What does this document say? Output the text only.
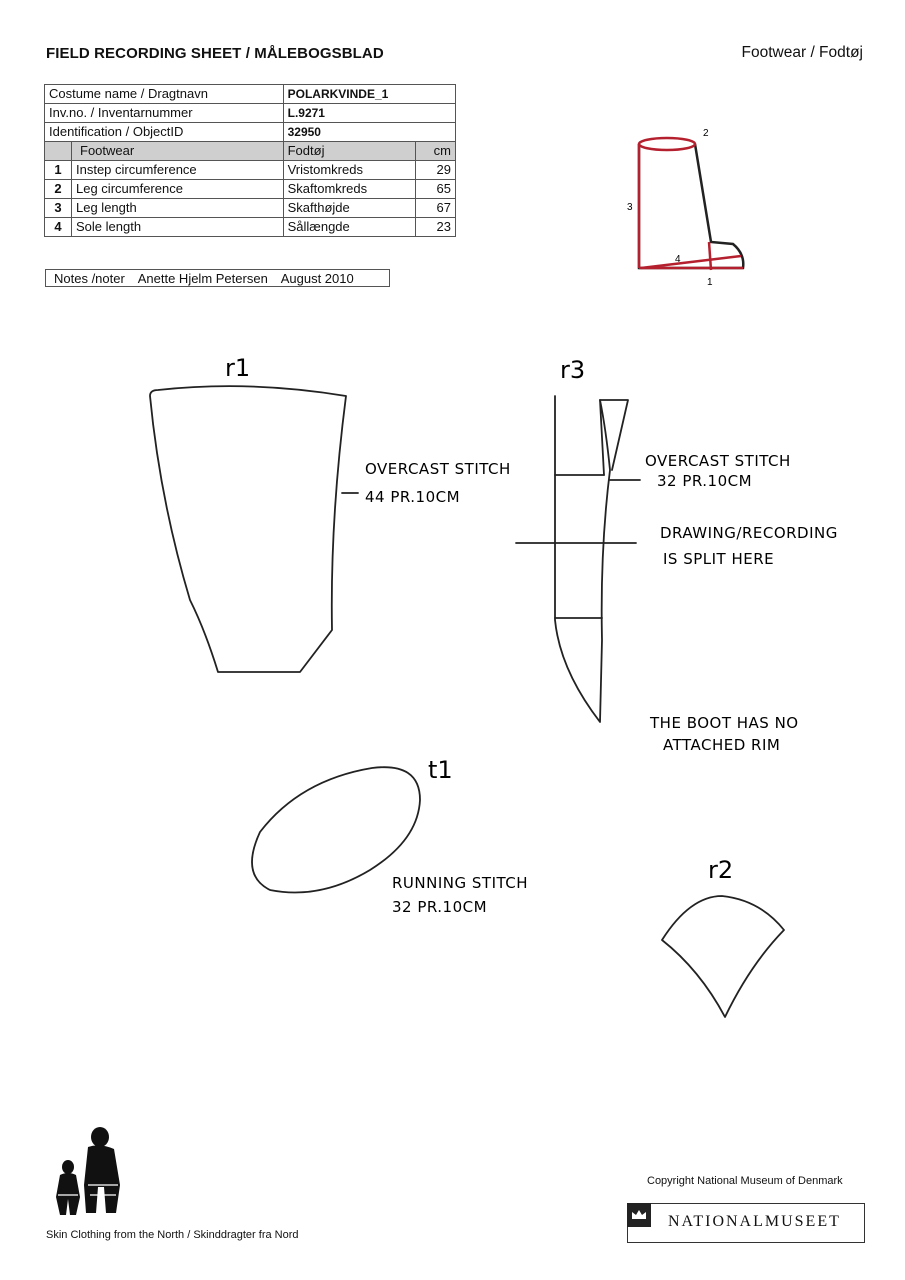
FIELD RECORDING SHEET / MÅLEBOGSBLAD	Footwear / Fodtøj
Costume name / Dragtnavn		POLARKVINDE_1	
Inv.no. / Inventarnummer		L.9271	
Identification / ObjectID		32950	
	Footwear	Fodtøj	cm
1	Instep circumference	Vristomkreds	29
2	Leg circumference	Skaftomkreds	65
3	Leg length	Skafthøjde	67
4	Sole length	Sållængde	23
Notes /noter Anette Hjelm Petersen August 2010
2
3
4
1
r1	r3
t1
r2
OVERCAST STITCH
44 PR.10CM
OVERCAST STITCH
32 PR.10CM
DRAWING/RECORDING
IS SPLIT HERE
THE BOOT HAS NO
ATTACHED RIM
RUNNING STITCH
32 PR.10CM
Skin Clothing from the North / Skinddragter fra Nord
Copyright National Museum of Denmark
NATIONALMUSEET
